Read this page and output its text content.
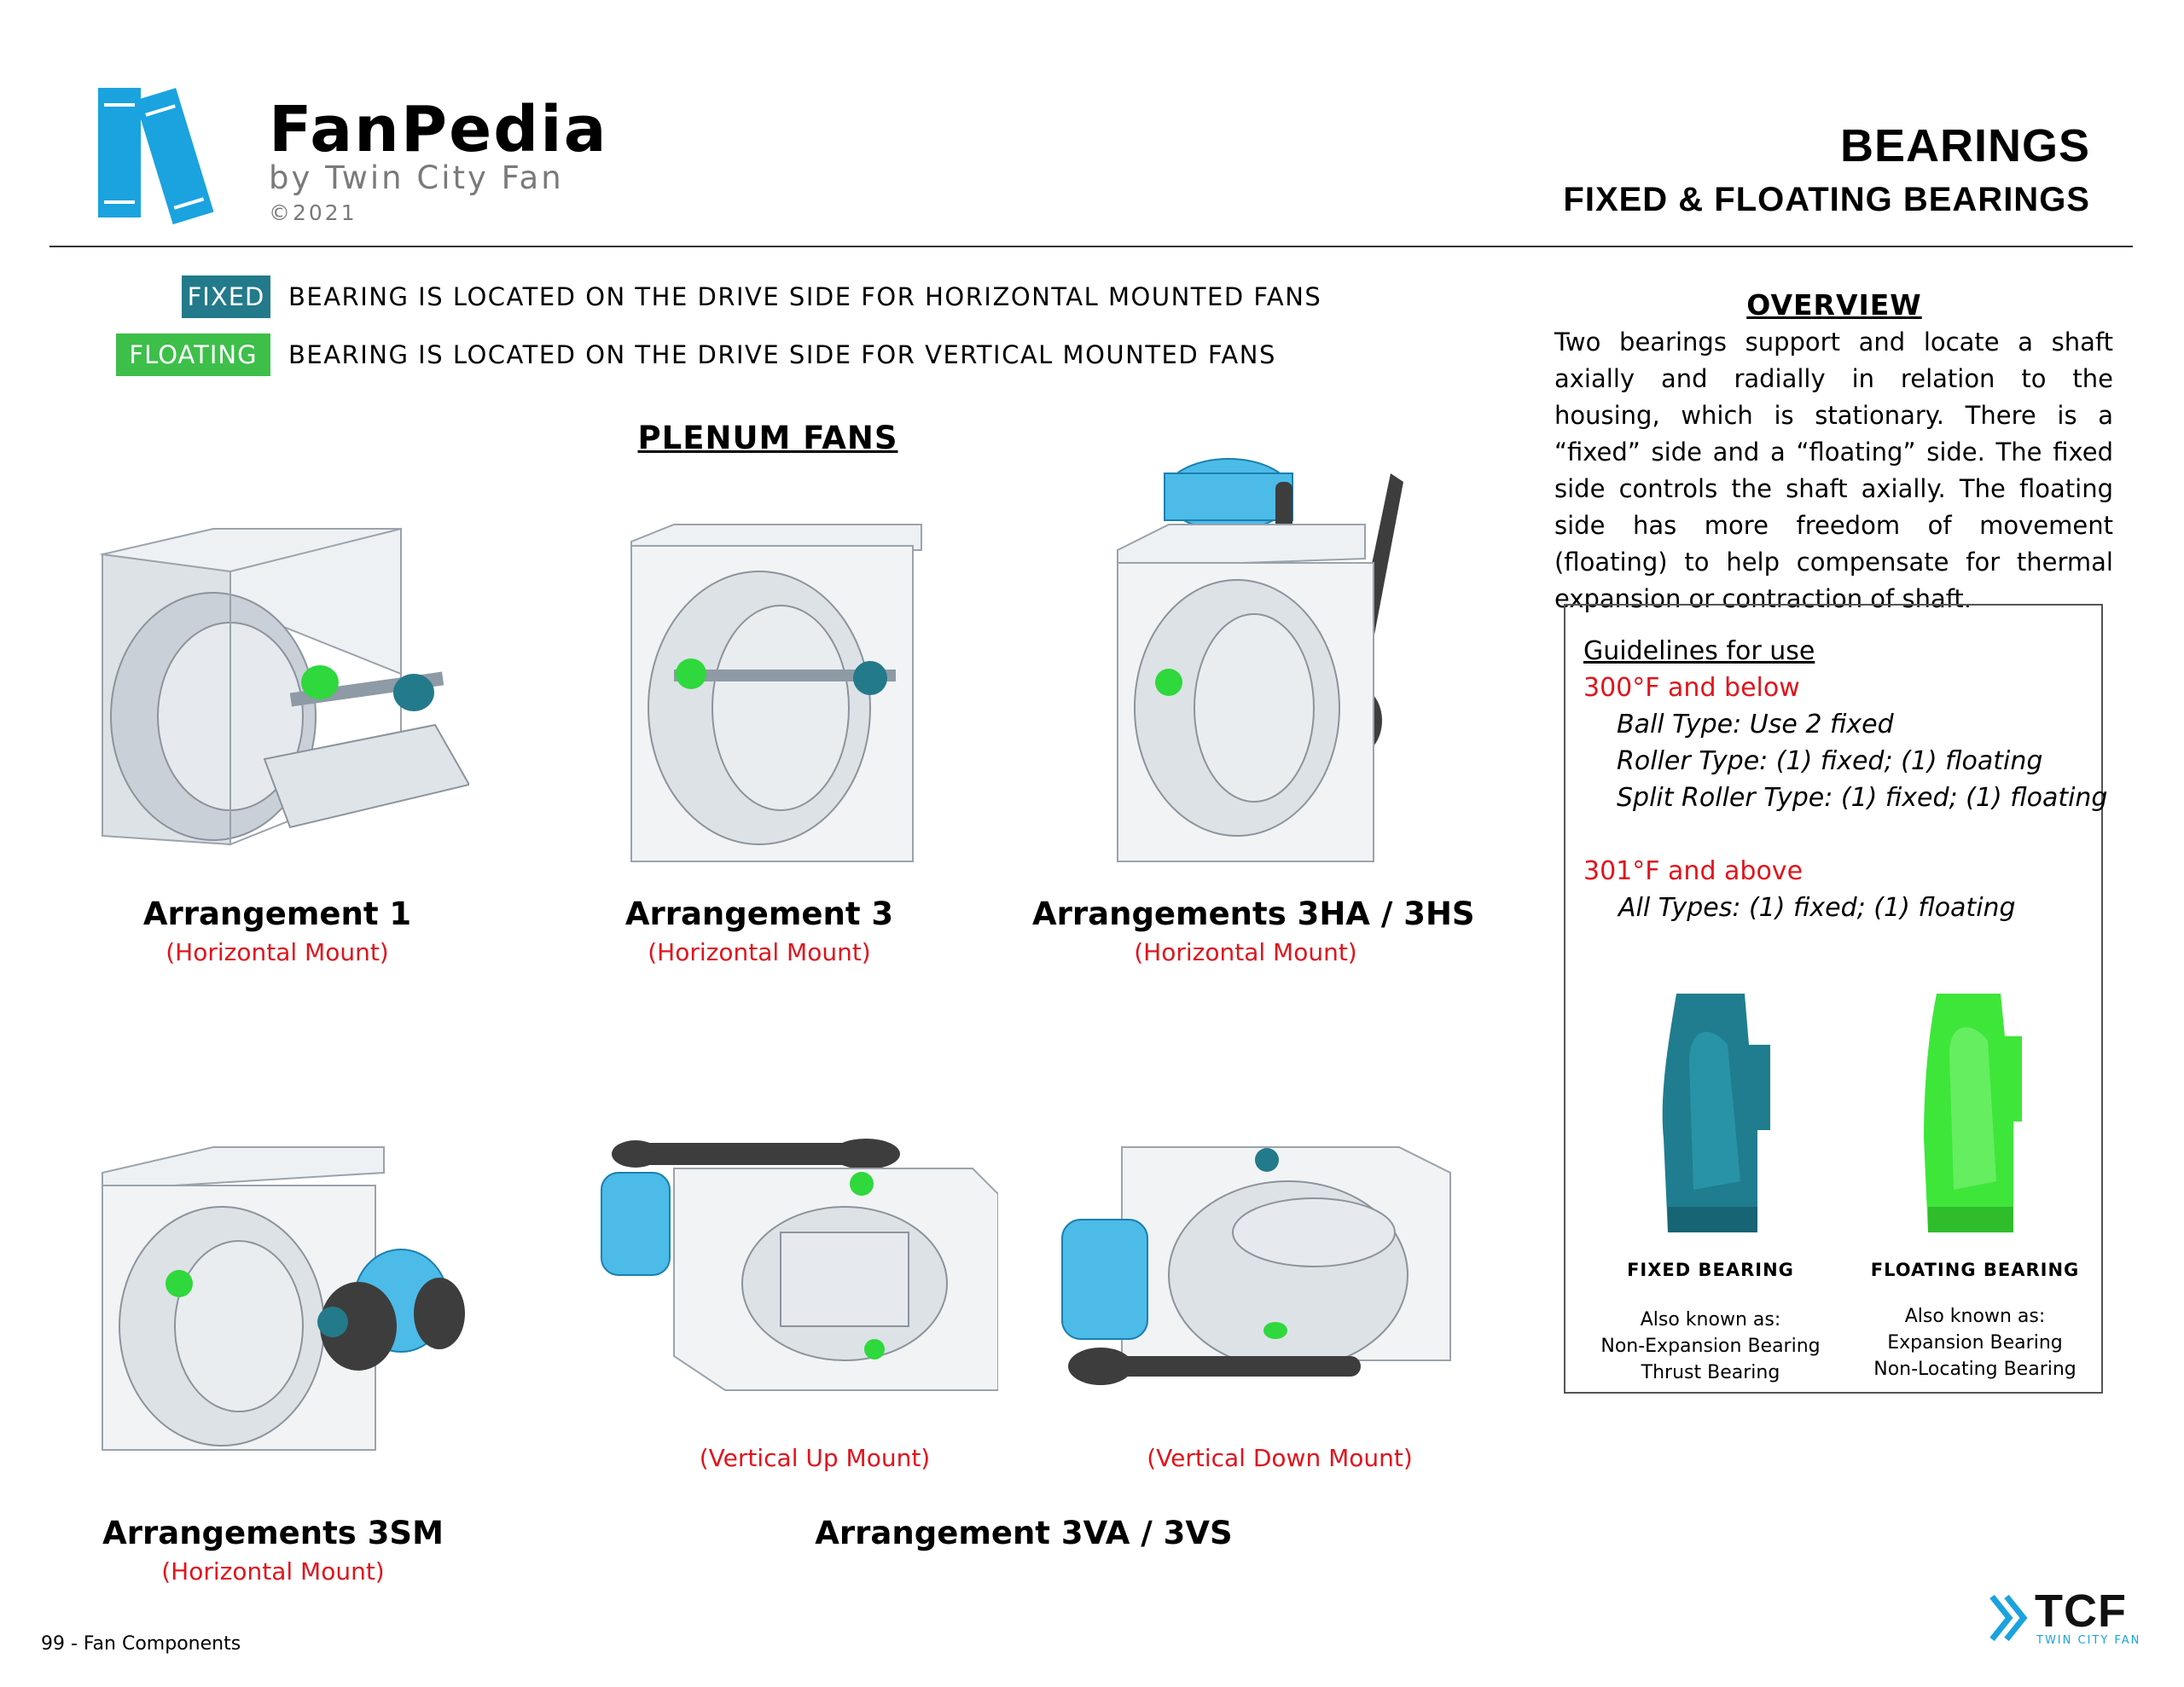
FanPedia
by Twin City Fan
©2021
BEARINGS
FIXED & FLOATING BEARINGS
FIXED BEARING IS LOCATED ON THE DRIVE SIDE FOR HORIZONTAL MOUNTED FANS
FLOATING	BEARING IS LOCATED ON THE DRIVE SIDE FOR VERTICAL MOUNTED FANS
PLENUM FANS
Arrangement 1
(Horizontal Mount)
Arrangement 3
(Horizontal Mount)
Arrangements 3HA / 3HS
(Horizontal Mount)
(Vertical Up Mount)	(Vertical Down Mount)
Arrangements 3SM
(Horizontal Mount)
Arrangement 3VA / 3VS
OVERVIEW
Two bearings support and locate a shaft axially and radially in relation to the housing, which is stationary. There is a “fixed” side and a “floating” side. The fixed side controls the shaft axially. The floating side has more freedom of movement (floating) to help compensate for thermal expansion or contraction of shaft.
Guidelines for use
300°F and below
Ball Type: Use 2 fixed
Roller Type: (1) fixed; (1) floating
Split Roller Type: (1) fixed; (1) floating
301°F and above
All Types: (1) fixed; (1) floating
FIXED BEARING
Also known as:
Non-Expansion Bearing
Thrust Bearing
FLOATING BEARING
Also known as:
Expansion Bearing
Non-Locating Bearing
99 - Fan Components
TCF
TWIN CITY FAN
